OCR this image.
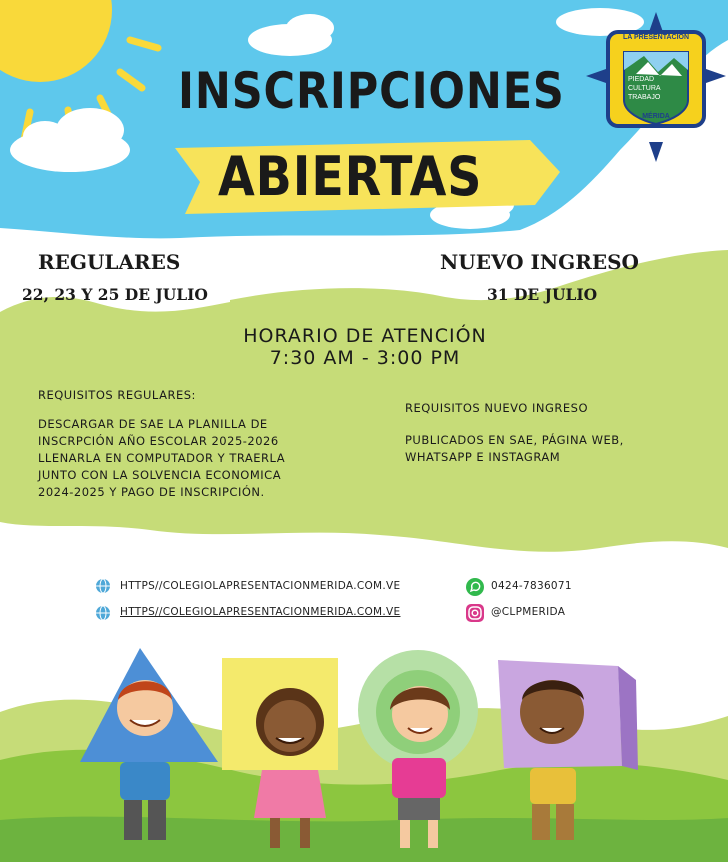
LA PRESENTACIÓN
PIEDAD
CULTURA
TRABAJO
MÉRIDA
INSCRIPCIONES
ABIERTAS
REGULARES
22, 23 Y 25 DE JULIO
NUEVO INGRESO
31 DE JULIO
HORARIO DE ATENCIÓN
7:30 AM - 3:00 PM
REQUISITOS REGULARES:
DESCARGAR DE SAE LA PLANILLA DE
INSCRPCIÓN AÑO ESCOLAR 2025-2026
LLENARLA EN COMPUTADOR Y TRAERLA
JUNTO CON LA SOLVENCIA ECONOMICA
2024-2025 Y PAGO DE INSCRIPCIÓN.
REQUISITOS NUEVO INGRESO
PUBLICADOS EN SAE, PÁGINA WEB,
WHATSAPP E INSTAGRAM
HTTPS//COLEGIOLAPRESENTACIONMERIDA.COM.VE
HTTPS//COLEGIOLAPRESENTACIONMERIDA.COM.VE
0424-7836071
@CLPMERIDA
